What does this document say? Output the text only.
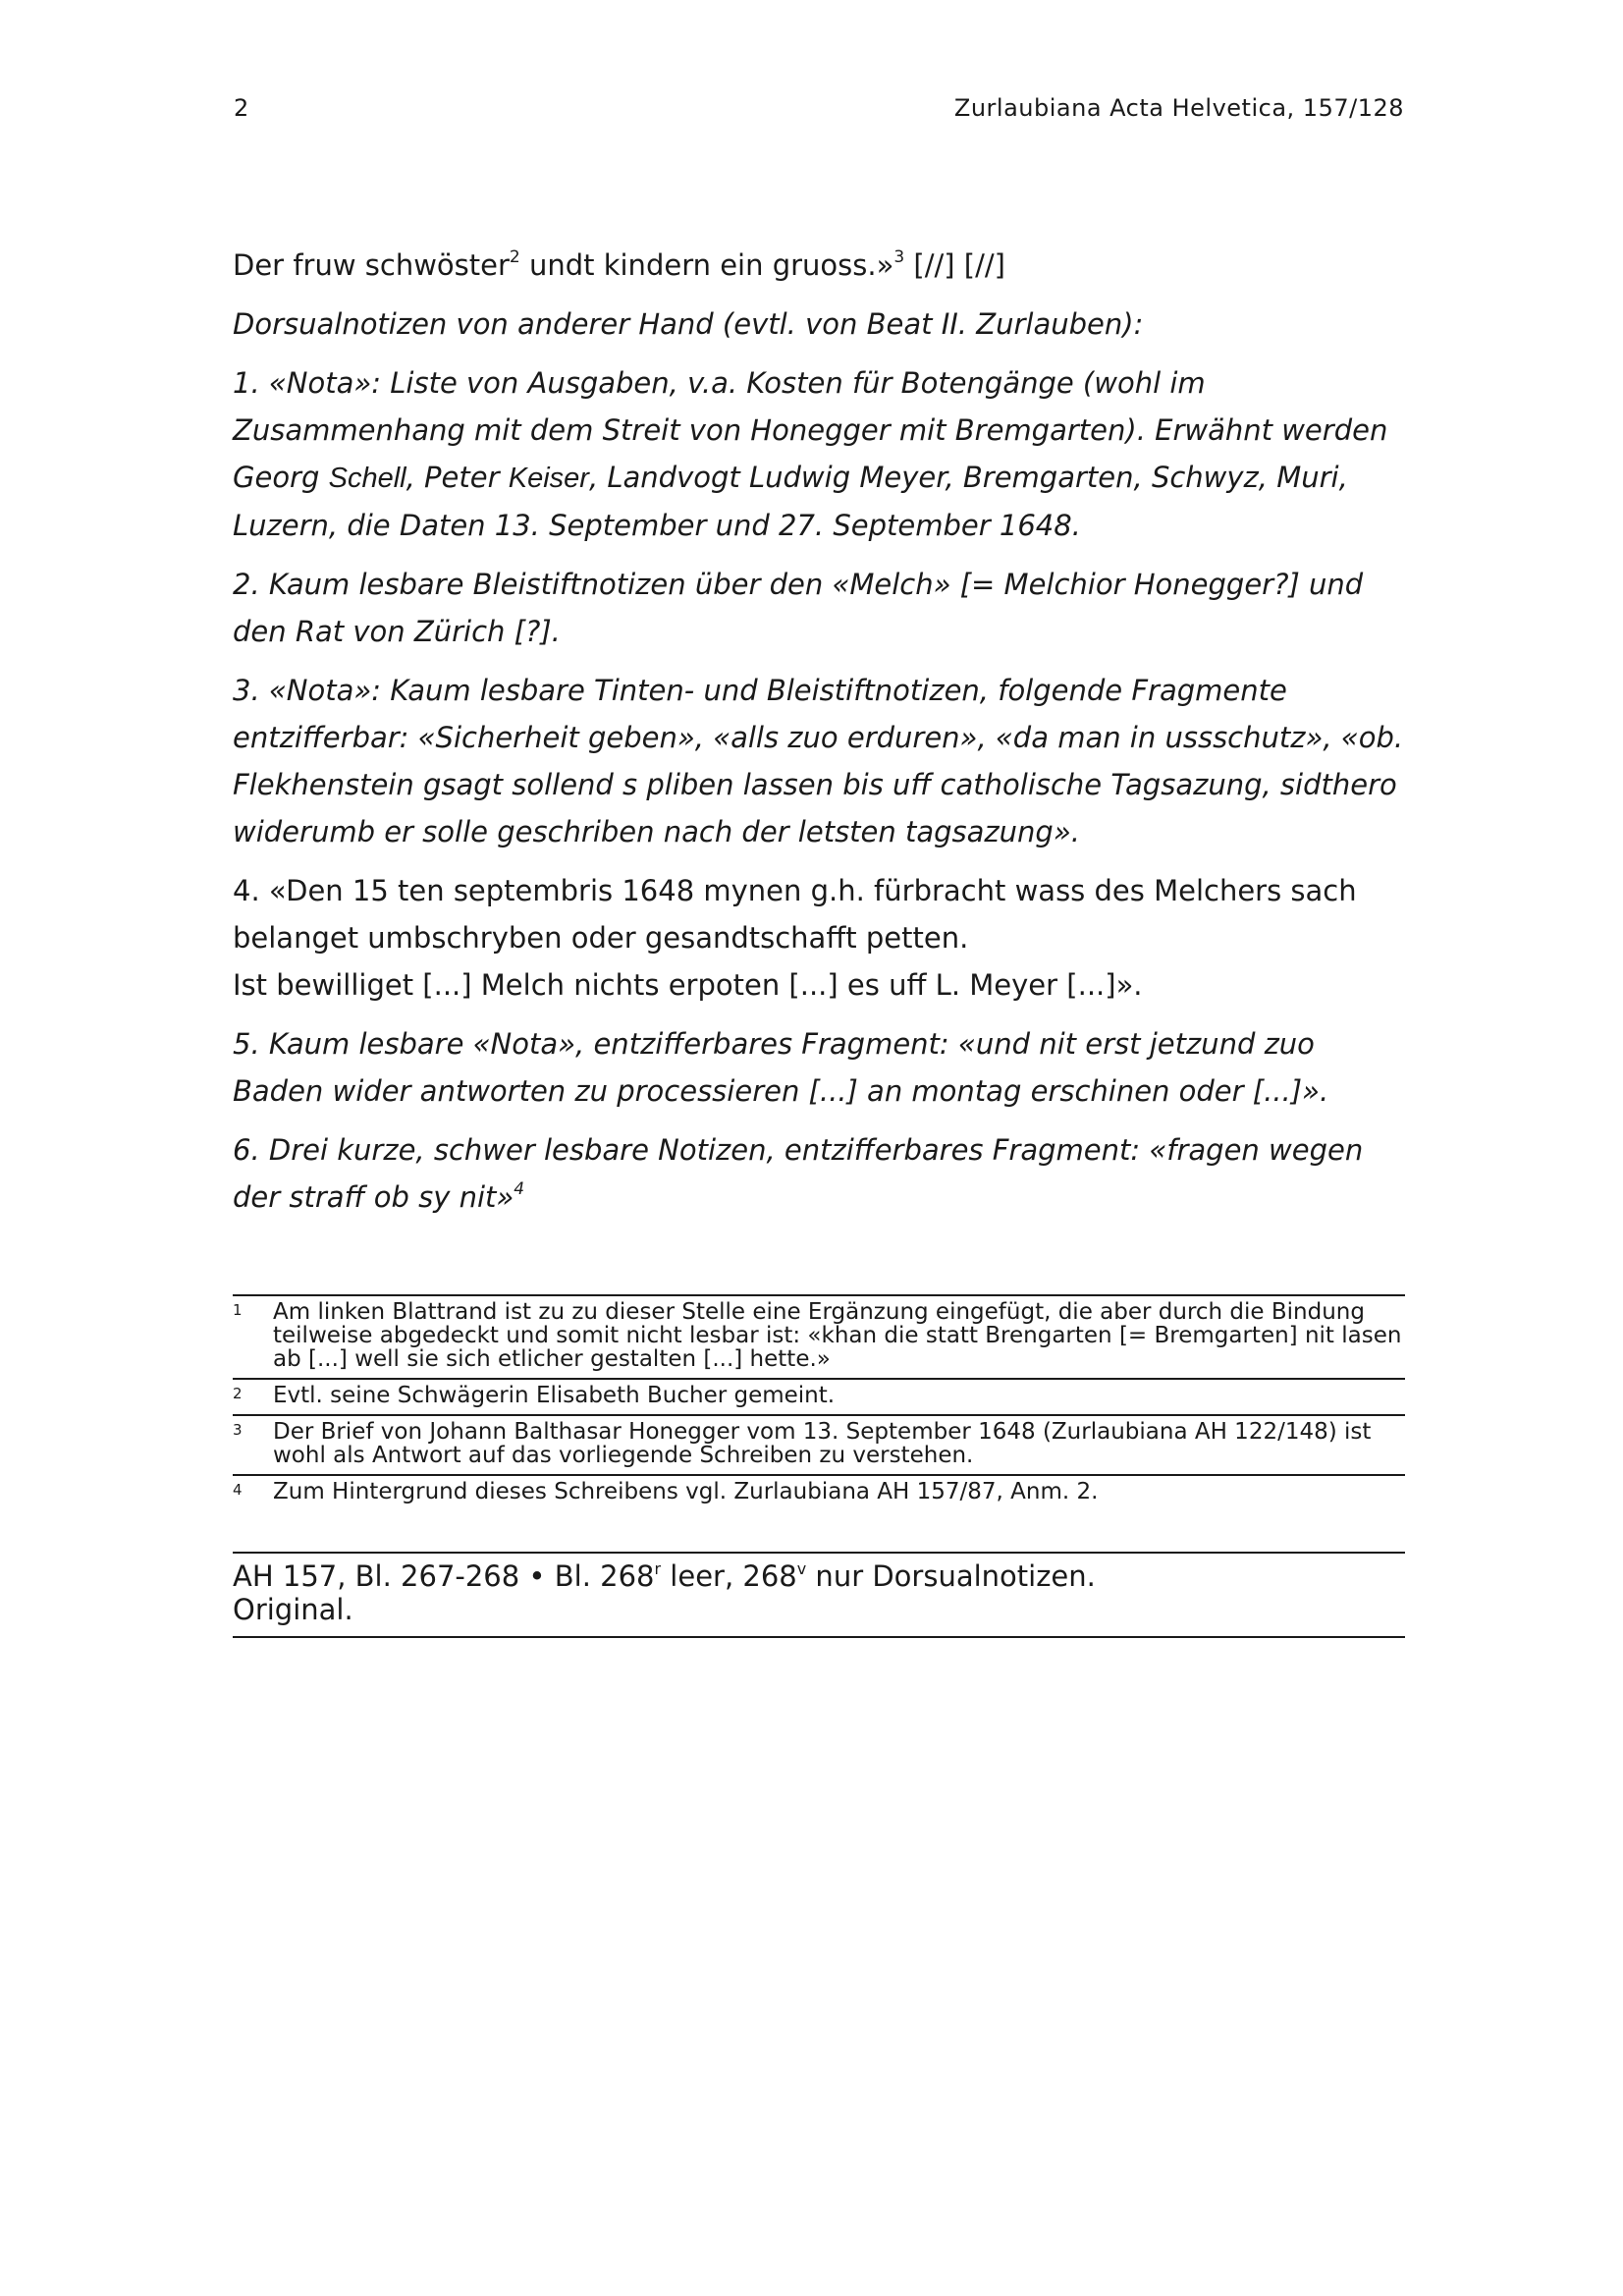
2	Zurlaubiana Acta Helvetica, 157/128

Der fruw schwöster$^2$ undt kindern ein gruoss.»$^3$ [//] [//]

Dorsualnotizen von anderer Hand (evtl. von Beat II. Zurlauben):

1. «Nota»: Liste von Ausgaben, v.a. Kosten für Botengänge (wohl im Zusammenhang mit dem Streit von Honegger mit Bremgarten). Erwähnt werden Georg Schell, Peter Keiser, Landvogt Ludwig Meyer, Bremgarten, Schwyz, Muri, Luzern, die Daten 13. September und 27. September 1648.

2. Kaum lesbare Bleistiftnotizen über den «Melch» [= Melchior Honegger?] und den Rat von Zürich [?].

3. «Nota»: Kaum lesbare Tinten- und Bleistiftnotizen, folgende Fragmente entzifferbar: «Sicherheit geben», «alls zuo erduren», «da man in ussschutz», «ob. Flekhenstein gsagt sollend s pliben lassen bis uff catholische Tagsazung, sidthero widerumb er solle geschriben nach der letsten tagsazung».

4. «Den 15 ten septembris 1648 mynen g.h. fürbracht wass des Melchers sach belanget umbschryben oder gesandtschafft petten.
Ist bewilliget [...] Melch nichts erpoten [...] es uff L. Meyer [...]».

5. Kaum lesbare «Nota», entzifferbares Fragment: «und nit erst jetzund zuo Baden wider antworten zu processieren [...] an montag erschinen oder [...]».

6. Drei kurze, schwer lesbare Notizen, entzifferbares Fragment: «fragen wegen der straff ob sy nit»$^4$

1	Am linken Blattrand ist zu zu dieser Stelle eine Ergänzung eingefügt, die aber durch die Bindung teilweise abgedeckt und somit nicht lesbar ist: «khan die statt Brengarten [= Bremgarten] nit lasen ab [...] well sie sich etlicher gestalten [...] hette.»
2	Evtl. seine Schwägerin Elisabeth Bucher gemeint.
3	Der Brief von Johann Balthasar Honegger vom 13. September 1648 (Zurlaubiana AH 122/148) ist wohl als Antwort auf das vorliegende Schreiben zu verstehen.
4	Zum Hintergrund dieses Schreibens vgl. Zurlaubiana AH 157/87, Anm. 2.
AH 157, Bl. 267-268 • Bl. 268$^r$ leer, 268$^v$ nur Dorsualnotizen.
Original.
